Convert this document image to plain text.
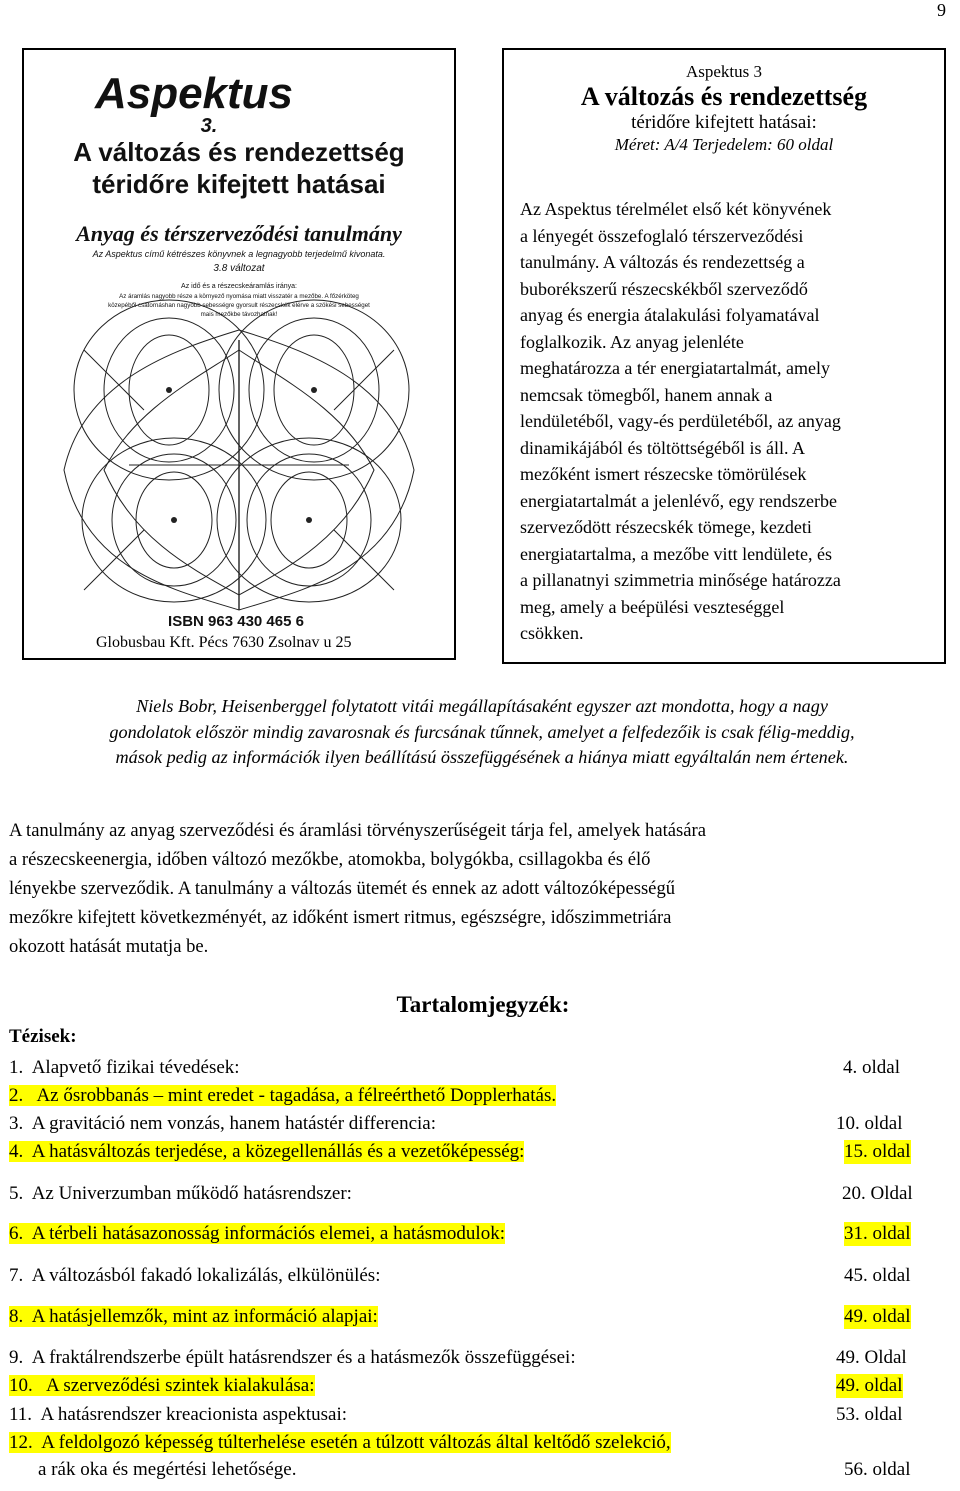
9
Aspektus
3.
A változás és rendezettség
téridőre kifejtett hatásai
Anyag és térszerveződési tanulmány
Az Aspektus című kétrészes könyvnek a legnagyobb terjedelmű kivonata.
3.8 változat
Az idő és a részecskeáramlás iránya:
Az áramlás nagyobb része a környező nyomása miatt visszatér a mezőbe. A főzérköteg
közepéből csatornáshan nagyobb sebességre gyorsult részecskék elérve a szökési sebességet
mais mezőkbe távozhatnak!
ISBN 963 430 465 6
Globusbau Kft. Pécs 7630 Zsolnav u 25
Aspektus 3
A változás és rendezettség
téridőre kifejtett hatásai:
Méret: A/4 Terjedelem: 60 oldal
Az Aspektus térelmélet első két könyvének
a lényegét összefoglaló térszerveződési
tanulmány. A változás és rendezettség a
buborékszerű részecskékből szerveződő
anyag és energia átalakulási folyamatával
foglalkozik. Az anyag jelenléte
meghatározza a tér energiatartalmát, amely
nemcsak tömegből, hanem annak a
lendületéből, vagy-és perdületéből, az anyag
dinamikájából és töltöttségéből is áll. A
mezőként ismert részecske tömörülések
energiatartalmát a jelenlévő, egy rendszerbe
szerveződött részecskék tömege, kezdeti
energiatartalma, a mezőbe vitt lendülete, és
a pillanatnyi szimmetria minősége határozza
meg, amely a beépülési veszteséggel
csökken.
Niels Bobr, Heisenberggel folytatott vitái megállapításaként egyszer azt mondotta, hogy a nagy
gondolatok először mindig zavarosnak és furcsának tűnnek, amelyet a felfedezőik is csak félig-meddig,
mások pedig az információk ilyen beállítású összefüggésének a hiánya miatt egyáltalán nem értenek.
A tanulmány az anyag szerveződési és áramlási törvényszerűségeit tárja fel, amelyek hatására
a részecskeenergia, időben változó mezőkbe, atomokba, bolygókba, csillagokba és élő
lényekbe szerveződik. A tanulmány a változás ütemét és ennek az adott változóképességű
mezőkre kifejtett következményét, az időként ismert ritmus, egészségre, időszimmetriára
okozott hatását mutatja be.
Tartalomjegyzék:
Tézisek:
1. Alapvető fizikai tévedések:	4. oldal
2. Az ősrobbanás – mint eredet - tagadása, a félreérthető Dopplerhatás.
3. A gravitáció nem vonzás, hanem hatástér differencia:	10. oldal
4. A hatásváltozás terjedése, a közegellenállás és a vezetőképesség:	15. oldal
5. Az Univerzumban működő hatásrendszer:	20. Oldal
6. A térbeli hatásazonosság információs elemei, a hatásmodulok:	31. oldal
7. A változásból fakadó lokalizálás, elkülönülés:	45. oldal
8. A hatásjellemzők, mint az információ alapjai:	49. oldal
9. A fraktálrendszerbe épült hatásrendszer és a hatásmezők összefüggései:	49. Oldal
10. A szerveződési szintek kialakulása:	49. oldal
11. A hatásrendszer kreacionista aspektusai:	53. oldal
12. A feldolgozó képesség túlterhelése esetén a túlzott változás által keltődő szelekció,
a rák oka és megértési lehetősége.	56. oldal
